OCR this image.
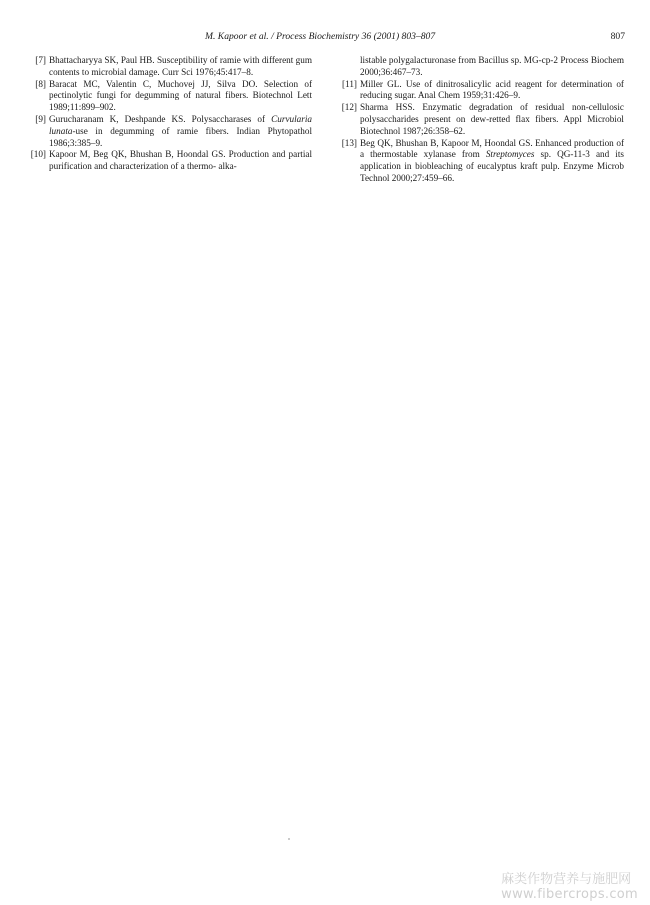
M. Kapoor et al. / Process Biochemistry 36 (2001) 803–807	807

[7] Bhattacharyya SK, Paul HB. Susceptibility of ramie with different gum contents to microbial damage. Curr Sci 1976;45:417–8.

[8] Baracat MC, Valentin C, Muchovej JJ, Silva DO. Selection of pectinolytic fungi for degumming of natural fibers. Biotechnol Lett 1989;11:899–902.

[9] Gurucharanam K, Deshpande KS. Polysaccharases of Curvularia lunata-use in degumming of ramie fibers. Indian Phytopathol 1986;3:385–9.

[10] Kapoor M, Beg QK, Bhushan B, Hoondal GS. Production and partial purification and characterization of a thermo- alka-

listable polygalacturonase from Bacillus sp. MG-cp-2 Process Biochem 2000;36:467–73.

[11] Miller GL. Use of dinitrosalicylic acid reagent for determination of reducing sugar. Anal Chem 1959;31:426–9.

[12] Sharma HSS. Enzymatic degradation of residual non-cellulosic polysaccharides present on dew-retted flax fibers. Appl Microbiol Biotechnol 1987;26:358–62.

[13] Beg QK, Bhushan B, Kapoor M, Hoondal GS. Enhanced production of a thermostable xylanase from Streptomyces sp. QG-11-3 and its application in biobleaching of eucalyptus kraft pulp. Enzyme Microb Technol 2000;27:459–66.

麻类作物营养与施肥网
www.fibercrops.com
